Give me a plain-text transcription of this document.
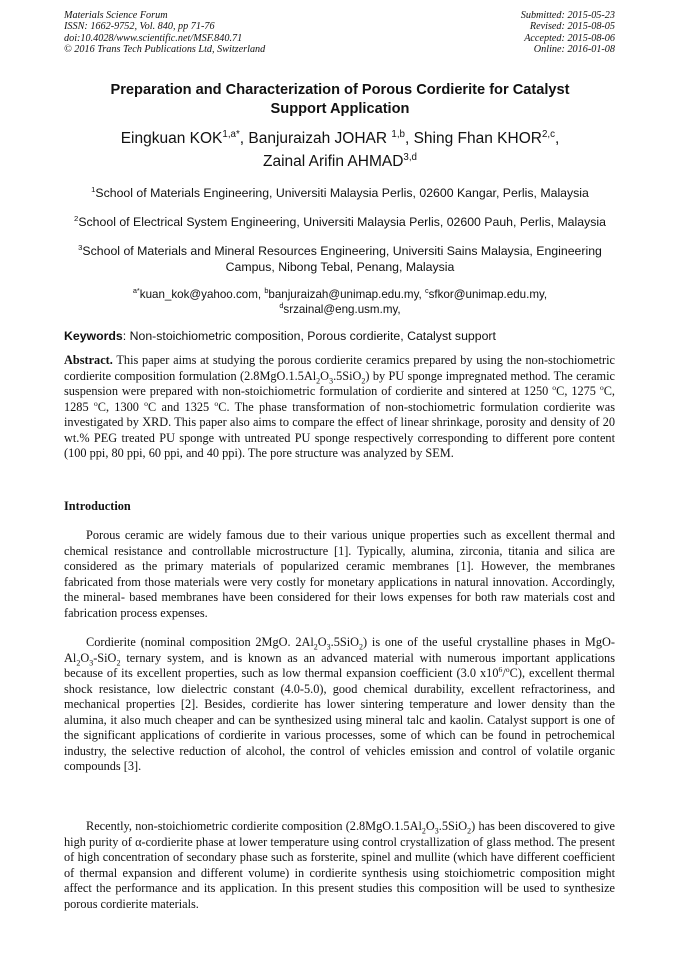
Materials Science Forum
ISSN: 1662-9752, Vol. 840, pp 71-76
doi:10.4028/www.scientific.net/MSF.840.71
© 2016 Trans Tech Publications Ltd, Switzerland
Submitted: 2015-05-23
Revised: 2015-08-05
Accepted: 2015-08-06
Online: 2016-01-08
Preparation and Characterization of Porous Cordierite for Catalyst
Support Application
Eingkuan $KOK^{1,a*}$, Banjuraizah JOHAR $^{1,b}$, Shing Fhan KHOR$^{2,c}$,
Zainal Arifin AHMAD$^{3,d}$
$^1$School of Materials Engineering, Universiti Malaysia Perlis, 02600 Kangar, Perlis, Malaysia
$^2$School of Electrical System Engineering, Universiti Malaysia Perlis, 02600 Pauh, Perlis, Malaysia
$^3$School of Materials and Mineral Resources Engineering, Universiti Sains Malaysia, Engineering Campus, Nibong Tebal, Penang, Malaysia
$^{a*}$kuan_kok@yahoo.com, $^b$banjuraizah@unimap.edu.my, $^c$sfkor@unimap.edu.my,
$^d$srzainal@eng.usm.my,
Keywords: Non-stoichiometric composition, Porous cordierite, Catalyst support
Abstract. This paper aims at studying the porous cordierite ceramics prepared by using the non-stochiometric cordierite composition formulation $(2.8MgO.1.5Al_2O_3.5SiO_2)$ by PU sponge impregnated method. The ceramic suspension were prepared with non-stoichiometric formulation of cordierite and sintered at 1250 $^o$C, 1275 $^o$C, 1285 $^o$C, 1300 $^o$C and 1325 $^o$C. The phase transformation of non-stochiometric formulation cordierite was investigated by XRD. This paper also aims to compare the effect of linear shrinkage, porosity and density of 20 wt.% PEG treated PU sponge with untreated PU sponge respectively corresponding to different pore content (100 ppi, 80 ppi, 60 ppi, and 40 ppi). The pore structure was analyzed by SEM.
Introduction
Porous ceramic are widely famous due to their various unique properties such as excellent thermal and chemical resistance and controllable microstructure [1]. Typically, alumina, zirconia, titania and silica are considered as the primary materials of popularized ceramic membranes [1]. However, the membranes fabricated from those materials were very costly for monetary applications in natural innovation. Accordingly, the mineral- based membranes have been considered for their lows expenses for both raw materials cost and fabrication process expenses.
Cordierite (nominal composition 2MgO. $2Al_2O_3.5SiO_2$) is one of the useful crystalline phases in MgO-$Al_2O_3-SiO_2$ ternary system, and is known as an advanced material with numerous important applications because of its excellent properties, such as low thermal expansion coefficient (3.0 $x10^6/^oC$), excellent thermal shock resistance, low dielectric constant (4.0-5.0), good chemical durability, excellent refractoriness, and mechanical properties [2]. Besides, cordierite has lower sintering temperature and lower density than the alumina, it also much cheaper and can be synthesized using mineral talc and kaolin. Catalyst support is one of the significant applications of cordierite in various processes, some of which can be found in petrochemical industry, the selective reduction of alcohol, the control of vehicles emission and control of volatile organic compounds [3].
Recently, non-stoichiometric cordierite composition $(2.8MgO.1.5Al_2O_3.5SiO_2)$ has been discovered to give high purity of α-cordierite phase at lower temperature using control crystallization of glass method. The present of high concentration of secondary phase such as forsterite, spinel and mullite (which have different coefficient of thermal expansion and different volume) in cordierite synthesis using stoichiometric composition might affect the performance and its application. In this present studies this composition will be used to synthesize porous cordierite materials.
